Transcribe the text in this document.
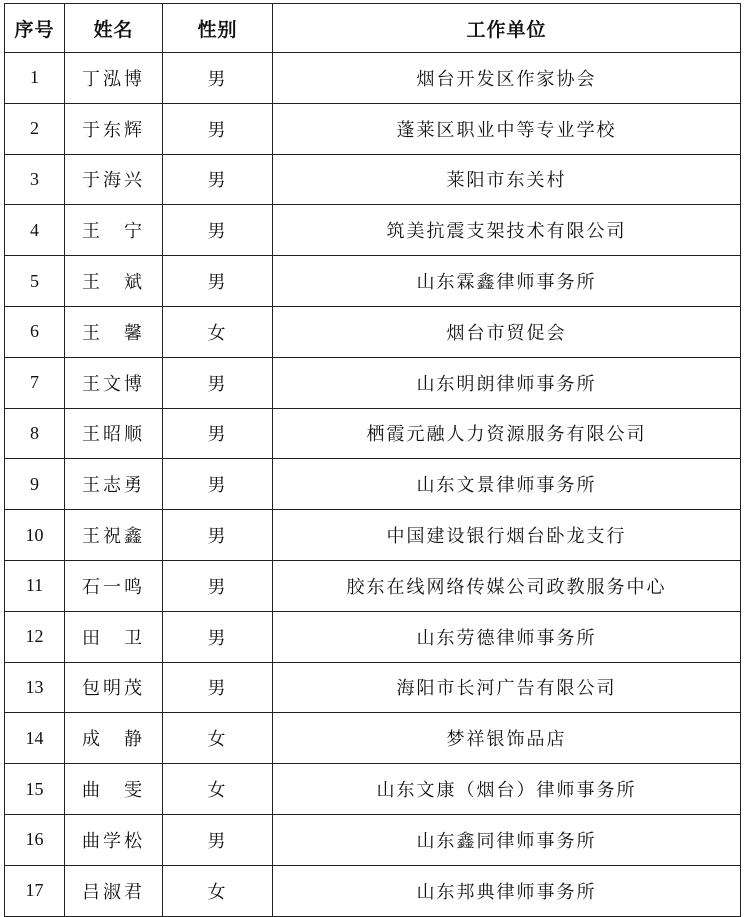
序号	姓名	性别	工作单位
1	丁泓博	男	烟台开发区作家协会
2	于东辉	男	蓬莱区职业中等专业学校
3	于海兴	男	莱阳市东关村
4	王　宁	男	筑美抗震支架技术有限公司
5	王　斌	男	山东霖鑫律师事务所
6	王　馨	女	烟台市贸促会
7	王文博	男	山东明朗律师事务所
8	王昭顺	男	栖霞元融人力资源服务有限公司
9	王志勇	男	山东文景律师事务所
10	王祝鑫	男	中国建设银行烟台卧龙支行
11	石一鸣	男	胶东在线网络传媒公司政教服务中心
12	田　卫	男	山东劳德律师事务所
13	包明茂	男	海阳市长河广告有限公司
14	成　静	女	梦祥银饰品店
15	曲　雯	女	山东文康（烟台）律师事务所
16	曲学松	男	山东鑫同律师事务所
17	吕淑君	女	山东邦典律师事务所
